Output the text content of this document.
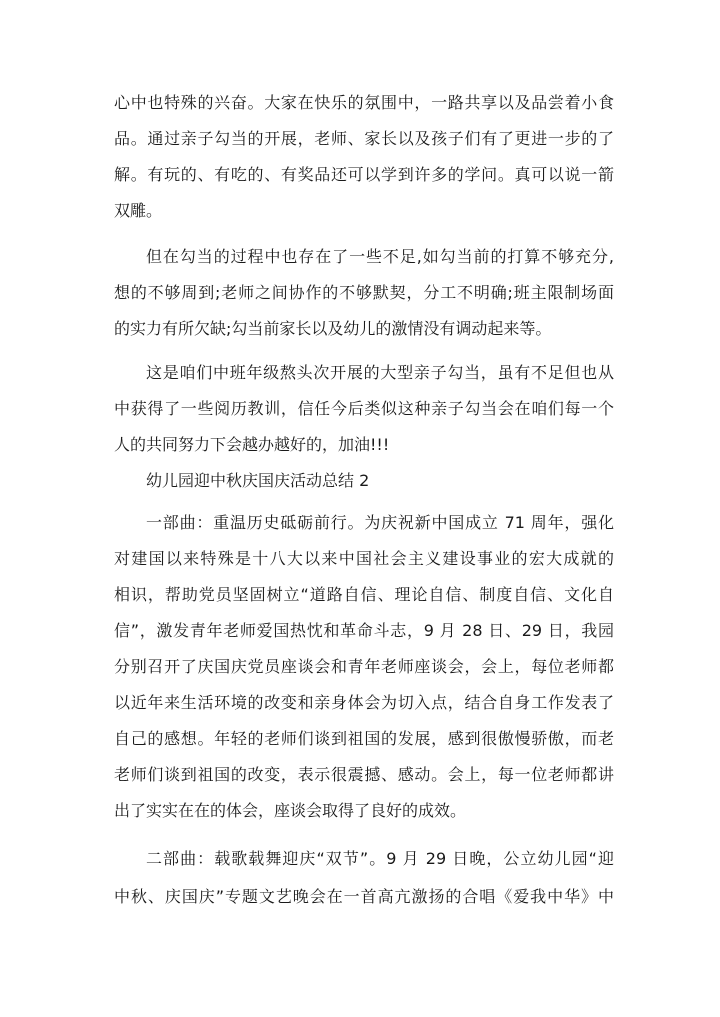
心中也特殊的兴奋。大家在快乐的氛围中，一路共享以及品尝着小食
品。通过亲子勾当的开展，老师、家长以及孩子们有了更进一步的了
解。有玩的、有吃的、有奖品还可以学到许多的学问。真可以说一箭
双雕。
但在勾当的过程中也存在了一些不足,如勾当前的打算不够充分,
想的不够周到;老师之间协作的不够默契，分工不明确;班主限制场面
的实力有所欠缺;勾当前家长以及幼儿的激情没有调动起来等。
这是咱们中班年级熬头次开展的大型亲子勾当，虽有不足但也从
中获得了一些阅历教训，信任今后类似这种亲子勾当会在咱们每一个
人的共同努力下会越办越好的，加油!!!
幼儿园迎中秋庆国庆活动总结 2
一部曲：重温历史砥砺前行。为庆祝新中国成立 71 周年，强化
对建国以来特殊是十八大以来中国社会主义建设事业的宏大成就的
相识，帮助党员坚固树立“道路自信、理论自信、制度自信、文化自
信”，激发青年老师爱国热忱和革命斗志，9 月 28 日、29 日，我园
分别召开了庆国庆党员座谈会和青年老师座谈会，会上，每位老师都
以近年来生活环境的改变和亲身体会为切入点，结合自身工作发表了
自己的感想。年轻的老师们谈到祖国的发展，感到很傲慢骄傲，而老
老师们谈到祖国的改变，表示很震撼、感动。会上，每一位老师都讲
出了实实在在的体会，座谈会取得了良好的成效。
二部曲：载歌载舞迎庆“双节”。9 月 29 日晚，公立幼儿园“迎
中秋、庆国庆”专题文艺晚会在一首高亢激扬的合唱《爱我中华》中
